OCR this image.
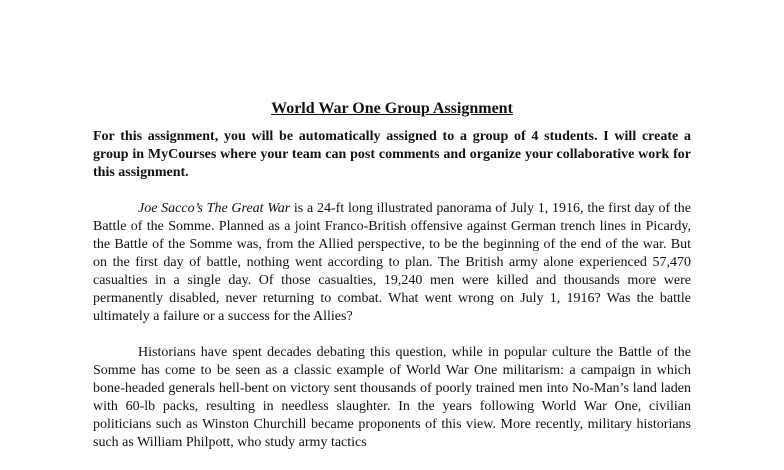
World War One Group Assignment

For this assignment, you will be automatically assigned to a group of 4 students. I will create a group in MyCourses where your team can post comments and organize your collaborative work for this assignment.

Joe Sacco’s The Great War is a 24-ft long illustrated panorama of July 1, 1916, the first day of the Battle of the Somme. Planned as a joint Franco-British offensive against German trench lines in Picardy, the Battle of the Somme was, from the Allied perspective, to be the beginning of the end of the war. But on the first day of battle, nothing went according to plan. The British army alone experienced 57,470 casualties in a single day. Of those casualties, 19,240 men were killed and thousands more were permanently disabled, never returning to combat. What went wrong on July 1, 1916? Was the battle ultimately a failure or a success for the Allies?

Historians have spent decades debating this question, while in popular culture the Battle of the Somme has come to be seen as a classic example of World War One militarism: a campaign in which bone-headed generals hell-bent on victory sent thousands of poorly trained men into No-Man’s land laden with 60-lb packs, resulting in needless slaughter. In the years following World War One, civilian politicians such as Winston Churchill became proponents of this view. More recently, military historians such as William Philpott, who study army tactics
